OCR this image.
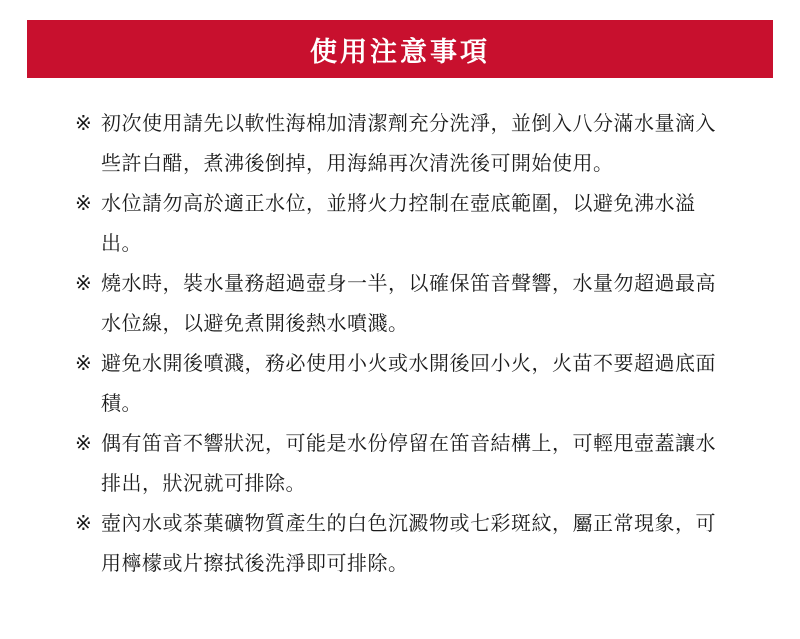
使用注意事項
※ 初次使用請先以軟性海棉加清潔劑充分洗淨，並倒入八分滿水量滴入些許白醋，煮沸後倒掉，用海綿再次清洗後可開始使用。
※ 水位請勿高於適正水位，並將火力控制在壺底範圍，以避免沸水溢出。
※ 燒水時，裝水量務超過壺身一半，以確保笛音聲響，水量勿超過最高水位線，以避免煮開後熱水噴濺。
※ 避免水開後噴濺，務必使用小火或水開後回小火，火苗不要超過底面積。
※ 偶有笛音不響狀況，可能是水份停留在笛音結構上，可輕甩壺蓋讓水排出，狀況就可排除。
※ 壺內水或茶葉礦物質產生的白色沉澱物或七彩斑紋，屬正常現象，可用檸檬或片擦拭後洗淨即可排除。
